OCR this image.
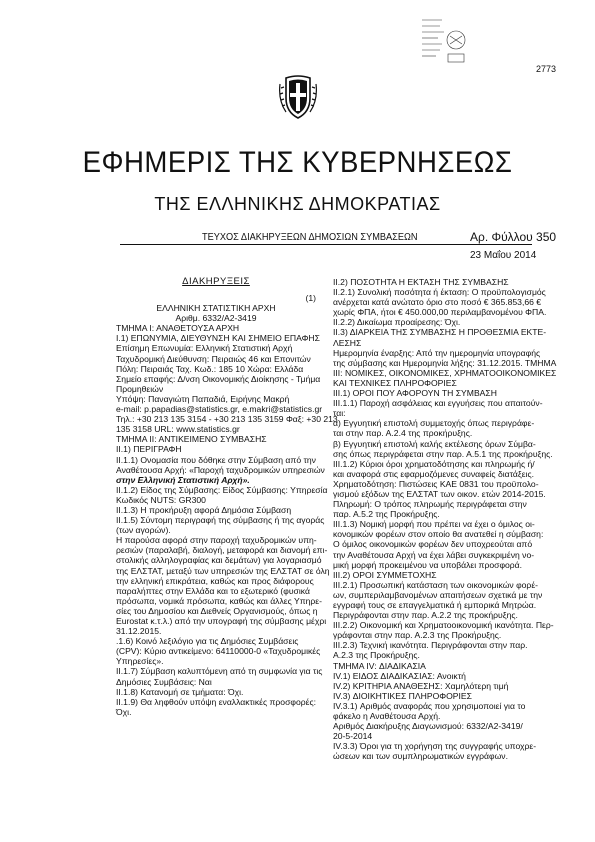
2773
ΕΦΗΜΕΡΙΣ ΤΗΣ ΚΥΒΕΡΝΗΣΕΩΣ
ΤΗΣ ΕΛΛΗΝΙΚΗΣ ΔΗΜΟΚΡΑΤΙΑΣ
ΤΕΥΧΟΣ ΔΙΑΚΗΡΥΞΕΩΝ ΔΗΜΟΣΙΩΝ ΣΥΜΒΑΣΕΩΝ	Αρ. Φύλλου 350
23 Μαΐου 2014
ΔΙΑΚΗΡΥΞΕΙΣ
(1)
ΕΛΛΗΝΙΚΗ ΣΤΑΤΙΣΤΙΚΗ ΑΡΧΗ
Αριθμ. 6332/Α2-3419
ΤΜΗΜΑ Ι: ΑΝΑΘΕΤΟΥΣΑ ΑΡΧΗ
Ι.1) ΕΠΩΝΥΜΙΑ, ΔΙΕΥΘΥΝΣΗ ΚΑΙ ΣΗΜΕΙΟ ΕΠΑΦΗΣ
Επίσημη Επωνυμία: Ελληνική Στατιστική Αρχή
Ταχυδρομική Διεύθυνση: Πειραιώς 46 και Επονιτών
Πόλη: Πειραιάς Ταχ. Κωδ.: 185 10 Χώρα: Ελλάδα
Σημείο επαφής: Δ/νση Οικονομικής Διοίκησης - Τμήμα
Προμηθειών
Υπόψη: Παναγιώτη Παπαδιά, Ειρήνης Μακρή
e-mail: p.papadias@statistics.gr, e.makri@statistics.gr
Τηλ.: +30 213 135 3154 - +30 213 135 3159 Φαξ: +30 213
135 3158 URL: www.statistics.gr
ΤΜΗΜΑ ΙΙ: ΑΝΤΙΚΕΙΜΕΝΟ ΣΥΜΒΑΣΗΣ
ΙΙ.1) ΠΕΡΙΓΡΑΦΗ
ΙΙ.1.1) Ονομασία που δόθηκε στην Σύμβαση από την
Αναθέτουσα Αρχή: «Παροχή ταχυδρομικών υπηρεσιών
στην Ελληνική Στατιστική Αρχή».
ΙΙ.1.2) Είδος της Σύμβασης: Είδος Σύμβασης: Υπηρεσία
Κωδικός NUTS: GR300
ΙΙ.1.3) Η προκήρυξη αφορά Δημόσια Σύμβαση
ΙΙ.1.5) Σύντομη περιγραφή της σύμβασης ή της αγοράς
(των αγορών).
Η παρούσα αφορά στην παροχή ταχυδρομικών υπη-
ρεσιών (παραλαβή, διαλογή, μεταφορά και διανομή επι-
στολικής αλληλογραφίας και δεμάτων) για λογαριασμό
της ΕΛΣΤΑΤ, μεταξύ των υπηρεσιών της ΕΛΣΤΑΤ σε όλη
την ελληνική επικράτεια, καθώς και προς διάφορους
παραλήπτες στην Ελλάδα και το εξωτερικό (φυσικά
πρόσωπα, νομικά πρόσωπα, καθώς και άλλες Υπηρε-
σίες του Δημοσίου και Διεθνείς Οργανισμούς, όπως η
Eurostat κ.τ.λ.) από την υπογραφή της σύμβασης μέχρι
31.12.2015.
.1.6) Κοινό λεξιλόγιο για τις Δημόσιες Συμβάσεις
(CPV): Κύριο αντικείμενο: 64110000-0 «Ταχυδρομικές
Υπηρεσίες».
ΙΙ.1.7) Σύμβαση καλυπτόμενη από τη συμφωνία για τις
Δημόσιες Συμβάσεις: Ναι
ΙΙ.1.8) Κατανομή σε τμήματα: Όχι.
ΙΙ.1.9) Θα ληφθούν υπόψη εναλλακτικές προσφορές:
Όχι.
ΙΙ.2) ΠΟΣΟΤΗΤΑ Η ΕΚΤΑΣΗ ΤΗΣ ΣΥΜΒΑΣΗΣ
ΙΙ.2.1) Συνολική ποσότητα ή έκταση: Ο προϋπολογισμός
ανέρχεται κατά ανώτατο όριο στο ποσό € 365.853,66 €
χωρίς ΦΠΑ, ήτοι € 450.000,00 περιλαμβανομένου ΦΠΑ.
ΙΙ.2.2) Δικαίωμα προαίρεσης: Όχι.
ΙΙ.3) ΔΙΑΡΚΕΙΑ ΤΗΣ ΣΥΜΒΑΣΗΣ Η ΠΡΟΘΕΣΜΙΑ ΕΚΤΕ-
ΛΕΣΗΣ
Ημερομηνία έναρξης: Από την ημερομηνία υπογραφής
της σύμβασης και Ημερομηνία λήξης: 31.12.2015. ΤΜΗΜΑ
ΙΙΙ: ΝΟΜΙΚΕΣ, ΟΙΚΟΝΟΜΙΚΕΣ, ΧΡΗΜΑΤΟΟΙΚΟΝΟΜΙΚΕΣ
ΚΑΙ ΤΕΧΝΙΚΕΣ ΠΛΗΡΟΦΟΡΙΕΣ
ΙΙΙ.1) ΟΡΟΙ ΠΟΥ ΑΦΟΡΟΥΝ ΤΗ ΣΥΜΒΑΣΗ
ΙΙΙ.1.1) Παροχή ασφάλειας και εγγυήσεις που απαιτούν-
ται:
α) Εγγυητική επιστολή συμμετοχής όπως περιγράφε-
ται στην παρ. Α.2.4 της προκήρυξης.
β) Εγγυητική επιστολή καλής εκτέλεσης όρων Σύμβα-
σης όπως περιγράφεται στην παρ. Α.5.1 της προκήρυξης.
ΙΙΙ.1.2) Κύριοι όροι χρηματοδότησης και πληρωμής ή/
και αναφορά στις εφαρμοζόμενες συναφείς διατάξεις.
Χρηματοδότηση: Πιστώσεις ΚΑΕ 0831 του προϋπολο-
γισμού εξόδων της ΕΛΣΤΑΤ των οικον. ετών 2014-2015.
Πληρωμή: Ο τρόπος πληρωμής περιγράφεται στην
παρ. Α.5.2 της Προκήρυξης.
ΙΙΙ.1.3) Νομική μορφή που πρέπει να έχει ο όμιλος οι-
κονομικών φορέων στον οποίο θα ανατεθεί η σύμβαση:
Ο όμιλος οικονομικών φορέων δεν υποχρεούται από
την Αναθέτουσα Αρχή να έχει λάβει συγκεκριμένη νο-
μική μορφή προκειμένου να υποβάλει προσφορά.
ΙΙΙ.2) ΟΡΟΙ ΣΥΜΜΕΤΟΧΗΣ
ΙΙΙ.2.1) Προσωπική κατάσταση των οικονομικών φορέ-
ων, συμπεριλαμβανομένων απαιτήσεων σχετικά με την
εγγραφή τους σε επαγγελματικά ή εμπορικά Μητρώα.
Περιγράφονται στην παρ. Α.2.2 της προκήρυξης.
ΙΙΙ.2.2) Οικονομική και Χρηματοοικονομική ικανότητα. Περ-
γράφονται στην παρ. Α.2.3 της Προκήρυξης.
ΙΙΙ.2.3) Τεχνική ικανότητα. Περιγράφονται στην παρ.
Α.2.3 της Προκήρυξης.
ΤΜΗΜΑ IV: ΔΙΑΔΙΚΑΣΙΑ
IV.1) ΕΙΔΟΣ ΔΙΑΔΙΚΑΣΙΑΣ: Ανοικτή
IV.2) ΚΡΙΤΗΡΙΑ ΑΝΑΘΕΣΗΣ: Χαμηλότερη τιμή
IV.3) ΔΙΟΙΚΗΤΙΚΕΣ ΠΛΗΡΟΦΟΡΙΕΣ
IV.3.1) Αριθμός αναφοράς που χρησιμοποιεί για το
φάκελο η Αναθέτουσα Αρχή.
Αριθμός Διακήρυξης Διαγωνισμού: 6332/Α2-3419/
20-5-2014
IV.3.3) Όροι για τη χορήγηση της συγγραφής υποχρε-
ώσεων και των συμπληρωματικών εγγράφων.
